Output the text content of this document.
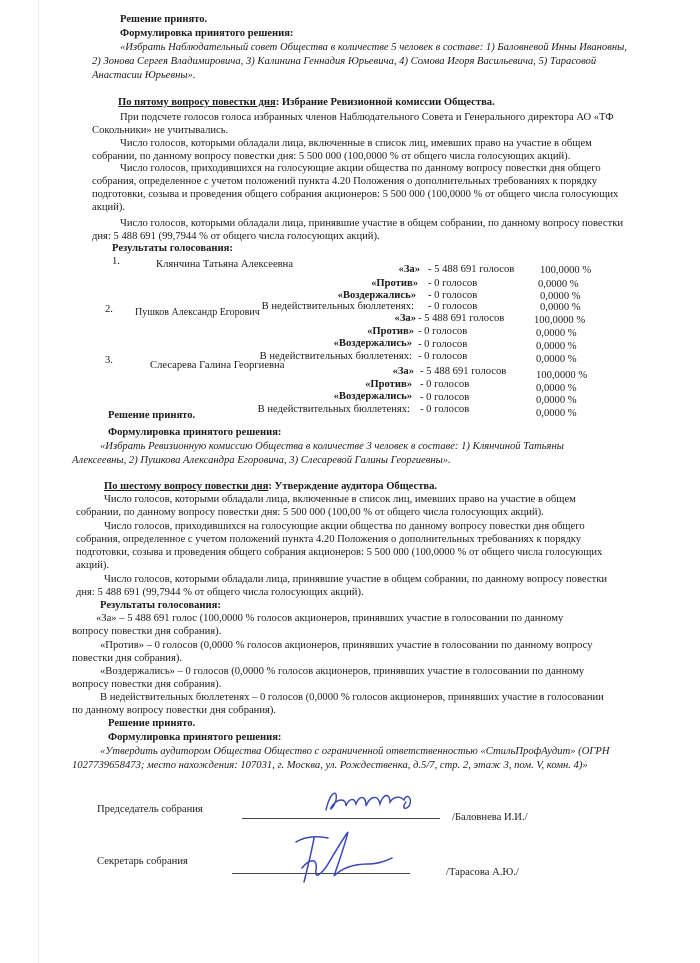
Решение принято.
Формулировка принятого решения:
«Избрать Наблюдательный совет Общества в количестве 5 человек в составе: 1) Баловневой Инны Ивановны,
2) Зонова Сергея Владимировича, 3) Калинина Геннадия Юрьевича, 4) Сомова Игоря Васильевича, 5) Тарасовой
Анастасии Юрьевны».
По пятому вопросу повестки дня: Избрание Ревизионной комиссии Общества.
При подсчете голосов голоса избранных членов Наблюдательного Совета и Генерального директора АО «ТФ
Сокольники» не учитывались.
Число голосов, которыми обладали лица, включенные в список лиц, имевших право на участие в общем
собрании, по данному вопросу повестки дня: 5 500 000 (100,0000 % от общего числа голосующих акций).
Число голосов, приходившихся на голосующие акции общества по данному вопросу повестки дня общего
собрания, определенное с учетом положений пункта 4.20 Положения о дополнительных требованиях к порядку
подготовки, созыва и проведения общего собрания акционеров: 5 500 000 (100,0000 % от общего числа голосующих
акций).
Число голосов, которыми обладали лица, принявшие участие в общем собрании, по данному вопросу повестки
дня: 5 488 691 (99,7944 % от общего числа голосующих акций).
Результаты голосования:
1.	Клянчина Татьяна Алексеевна	«За» - 5 488 691 голосов 100,0000 %
«Против» - 0 голосов	0,0000 %
«Воздержались» - 0 голосов	0,0000 %
В недействительных бюллетенях: - 0 голосов	0,0000 %
2. Пушков Александр Егорович
«За» - 5 488 691 голосов	100,0000 %
«Против» - 0 голосов	0,0000 %
«Воздержались» - 0 голосов	0,0000 %
В недействительных бюллетенях: - 0 голосов	0,0000 %
3.	Слесарева Галина Георгиевна
«За» - 5 488 691 голосов	100,0000 %
«Против» - 0 голосов	0,0000 %
«Воздержались» - 0 голосов	0,0000 %
В недействительных бюллетенях: - 0 голосов	0,0000 %
Решение принято.
Формулировка принятого решения:
«Избрать Ревизионную комиссию Общества в количестве 3 человек в составе: 1) Клянчиной Татьяны
Алексеевны, 2) Пушкова Александра Егоровича, 3) Слесаревой Галины Георгиевны».
По шестому вопросу повестки дня: Утверждение аудитора Общества.
Число голосов, которыми обладали лица, включенные в список лиц, имевших право на участие в общем
собрании, по данному вопросу повестки дня: 5 500 000 (100,00 % от общего числа голосующих акций).
Число голосов, приходившихся на голосующие акции общества по данному вопросу повестки дня общего
собрания, определенное с учетом положений пункта 4.20 Положения о дополнительных требованиях к порядку
подготовки, созыва и проведения общего собрания акционеров: 5 500 000 (100,0000 % от общего числа голосующих
акций).
Число голосов, которыми обладали лица, принявшие участие в общем собрании, по данному вопросу повестки
дня: 5 488 691 (99,7944 % от общего числа голосующих акций).
Результаты голосования:
«За» – 5 488 691 голос (100,0000 % голосов акционеров, принявших участие в голосовании по данному
вопросу повестки дня собрания).
«Против» – 0 голосов (0,0000 % голосов акционеров, принявших участие в голосовании по данному вопросу
повестки дня собрания).
«Воздержались» – 0 голосов (0,0000 % голосов акционеров, принявших участие в голосовании по данному
вопросу повестки дня собрания).
В недействительных бюллетенях – 0 голосов (0,0000 % голосов акционеров, принявших участие в голосовании
по данному вопросу повестки дня собрания).
Решение принято.
Формулировка принятого решения:
«Утвердить аудитором Общества Общество с ограниченной ответственностью «СтильПрофАудит» (ОГРН
1027739658473; место нахождения: 107031, г. Москва, ул. Рождественка, д.5/7, стр. 2, этаж 3, пом. V, комн. 4)»
Председатель собрания
/Баловнева И.И./
Секретарь собрания
/Тарасова А.Ю./
